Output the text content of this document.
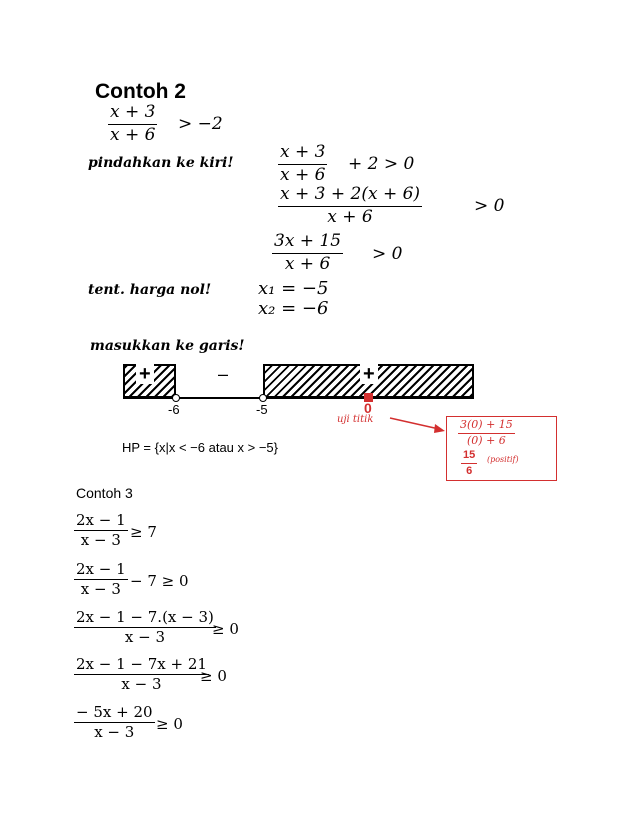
Contoh 2
x + 3
x + 6
> −2
pindahkan ke kiri!
x + 3
x + 6
+ 2 > 0
x + 3 + 2(x + 6)
x + 6
> 0
3x + 15
x + 6 > 0
tent. harga nol!	x₁ = −5
x₂ = −6
masukkan ke garis!
+	–	+
-6	-5	0
uji titik	3(0) + 15
(0) + 6
15
6
(positif)
HP = {x|x < −6 atau x > −5}
Contoh 3
2x − 1
x − 3 ≥ 7
2x − 1
x − 3 − 7 ≥ 0
2x − 1 − 7.(x − 3)
x − 3	≥ 0
2x − 1 − 7x + 21
x − 3	≥ 0
− 5x + 20
x − 3 ≥ 0
